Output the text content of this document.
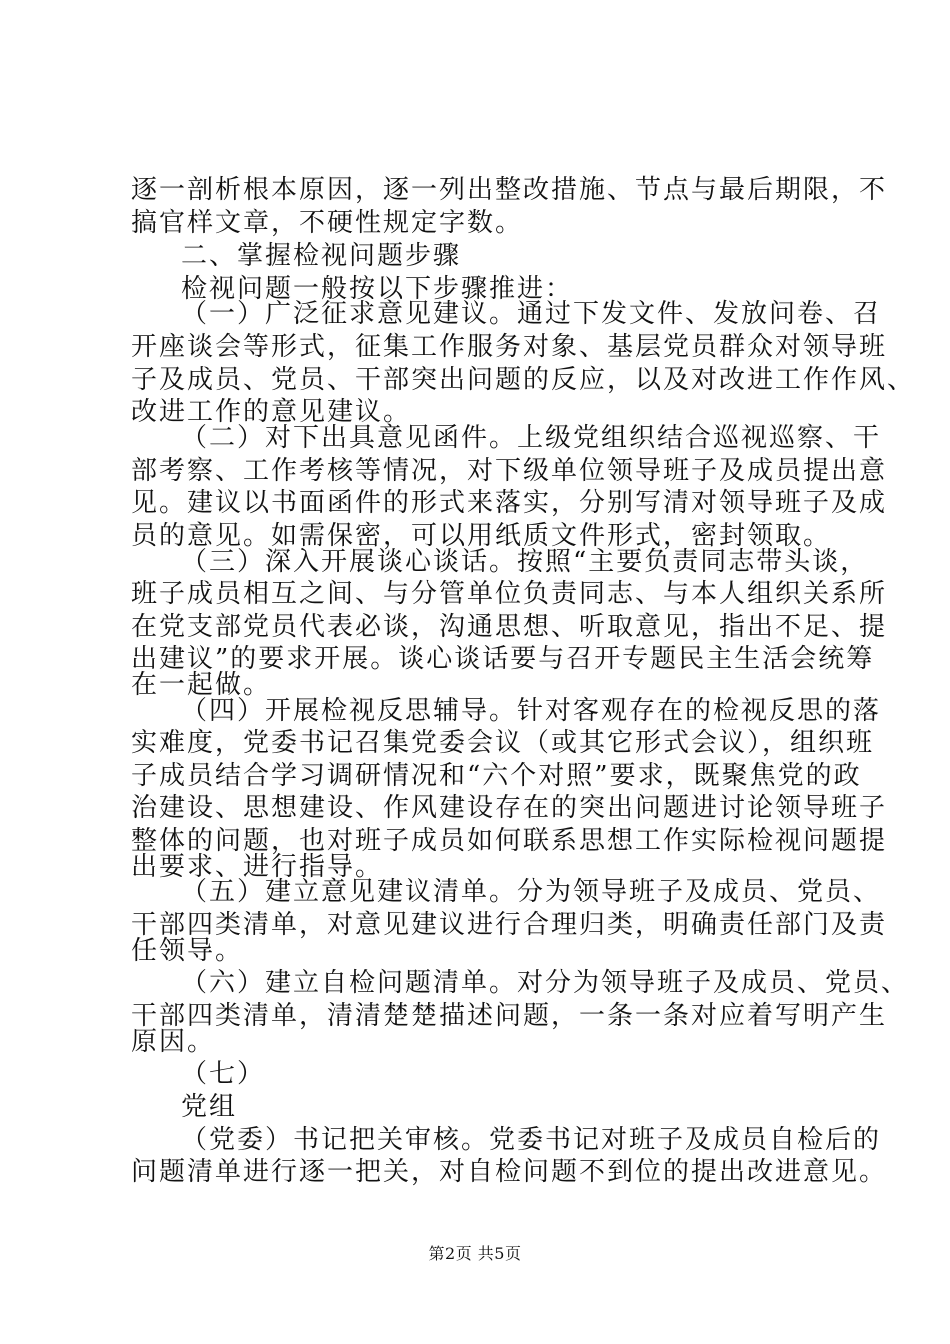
逐一剖析根本原因，逐一列出整改措施、节点与最后期限，不
搞官样文章，不硬性规定字数。
二、掌握检视问题步骤
检视问题一般按以下步骤推进：
（一）广泛征求意见建议。通过下发文件、发放问卷、召
开座谈会等形式，征集工作服务对象、基层党员群众对领导班
子及成员、党员、干部突出问题的反应，以及对改进工作作风、
改进工作的意见建议。
（二）对下出具意见函件。上级党组织结合巡视巡察、干
部考察、工作考核等情况，对下级单位领导班子及成员提出意
见。建议以书面函件的形式来落实，分别写清对领导班子及成
员的意见。如需保密，可以用纸质文件形式，密封领取。
（三）深入开展谈心谈话。按照“主要负责同志带头谈，
班子成员相互之间、与分管单位负责同志、与本人组织关系所
在党支部党员代表必谈，沟通思想、听取意见，指出不足、提
出建议”的要求开展。谈心谈话要与召开专题民主生活会统筹
在一起做。
（四）开展检视反思辅导。针对客观存在的检视反思的落
实难度，党委书记召集党委会议（或其它形式会议），组织班
子成员结合学习调研情况和“六个对照”要求，既聚焦党的政
治建设、思想建设、作风建设存在的突出问题进讨论领导班子
整体的问题，也对班子成员如何联系思想工作实际检视问题提
出要求、进行指导。
（五）建立意见建议清单。分为领导班子及成员、党员、
干部四类清单，对意见建议进行合理归类，明确责任部门及责
任领导。
（六）建立自检问题清单。对分为领导班子及成员、党员、
干部四类清单，清清楚楚描述问题，一条一条对应着写明产生
原因。
（七）
党组
（党委）书记把关审核。党委书记对班子及成员自检后的
问题清单进行逐一把关，对自检问题不到位的提出改进意见。
第2页 共5页
